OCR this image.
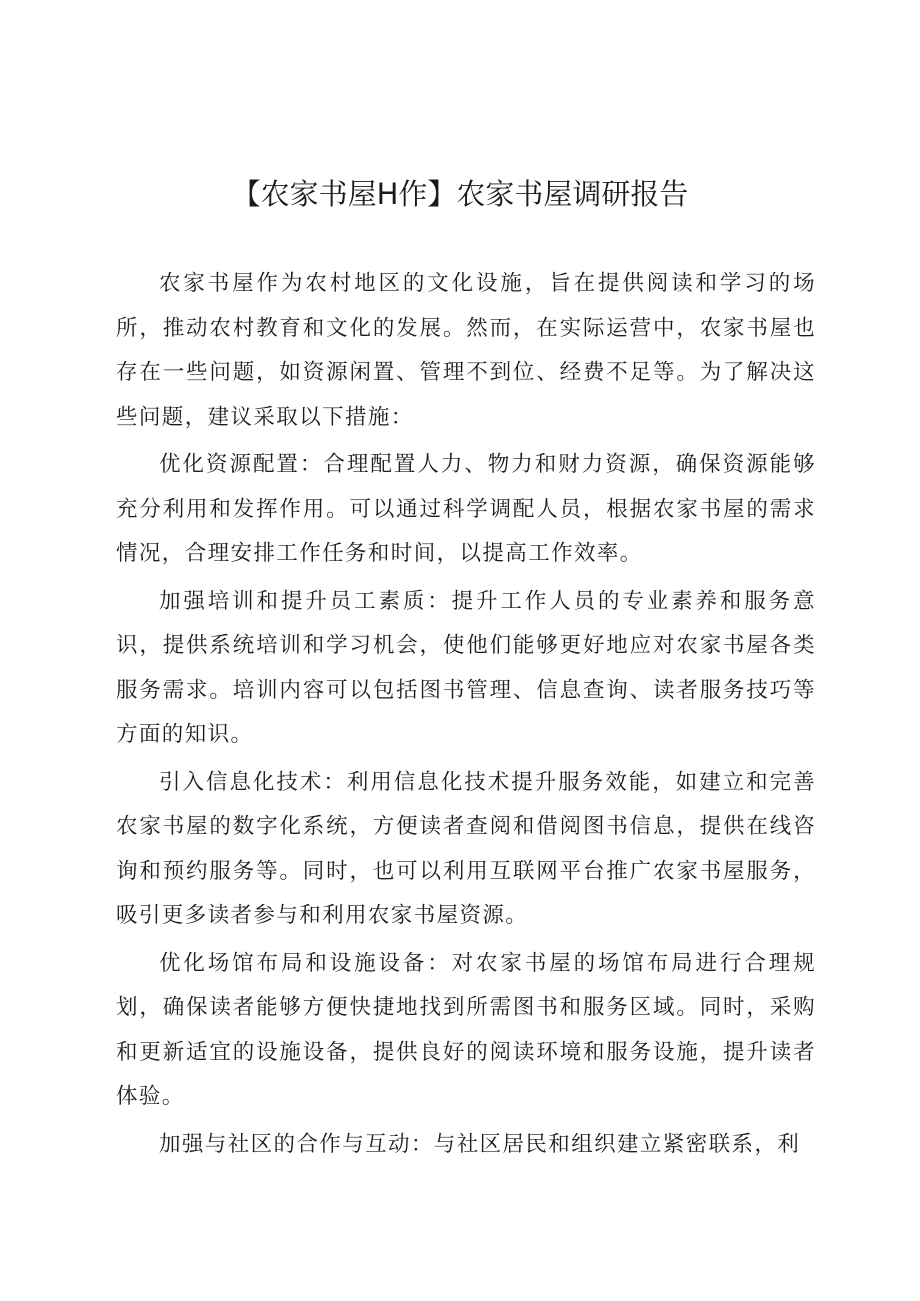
【农家书屋H作】农家书屋调研报告

农家书屋作为农村地区的文化设施，旨在提供阅读和学习的场所，推动农村教育和文化的发展。然而，在实际运营中，农家书屋也存在一些问题，如资源闲置、管理不到位、经费不足等。为了解决这些问题，建议采取以下措施：

优化资源配置：合理配置人力、物力和财力资源，确保资源能够充分利用和发挥作用。可以通过科学调配人员，根据农家书屋的需求情况，合理安排工作任务和时间，以提高工作效率。

加强培训和提升员工素质：提升工作人员的专业素养和服务意识，提供系统培训和学习机会，使他们能够更好地应对农家书屋各类服务需求。培训内容可以包括图书管理、信息查询、读者服务技巧等方面的知识。

引入信息化技术：利用信息化技术提升服务效能，如建立和完善农家书屋的数字化系统，方便读者查阅和借阅图书信息，提供在线咨询和预约服务等。同时，也可以利用互联网平台推广农家书屋服务，吸引更多读者参与和利用农家书屋资源。

优化场馆布局和设施设备：对农家书屋的场馆布局进行合理规划，确保读者能够方便快捷地找到所需图书和服务区域。同时，采购和更新适宜的设施设备，提供良好的阅读环境和服务设施，提升读者体验。

加强与社区的合作与互动：与社区居民和组织建立紧密联系，利
